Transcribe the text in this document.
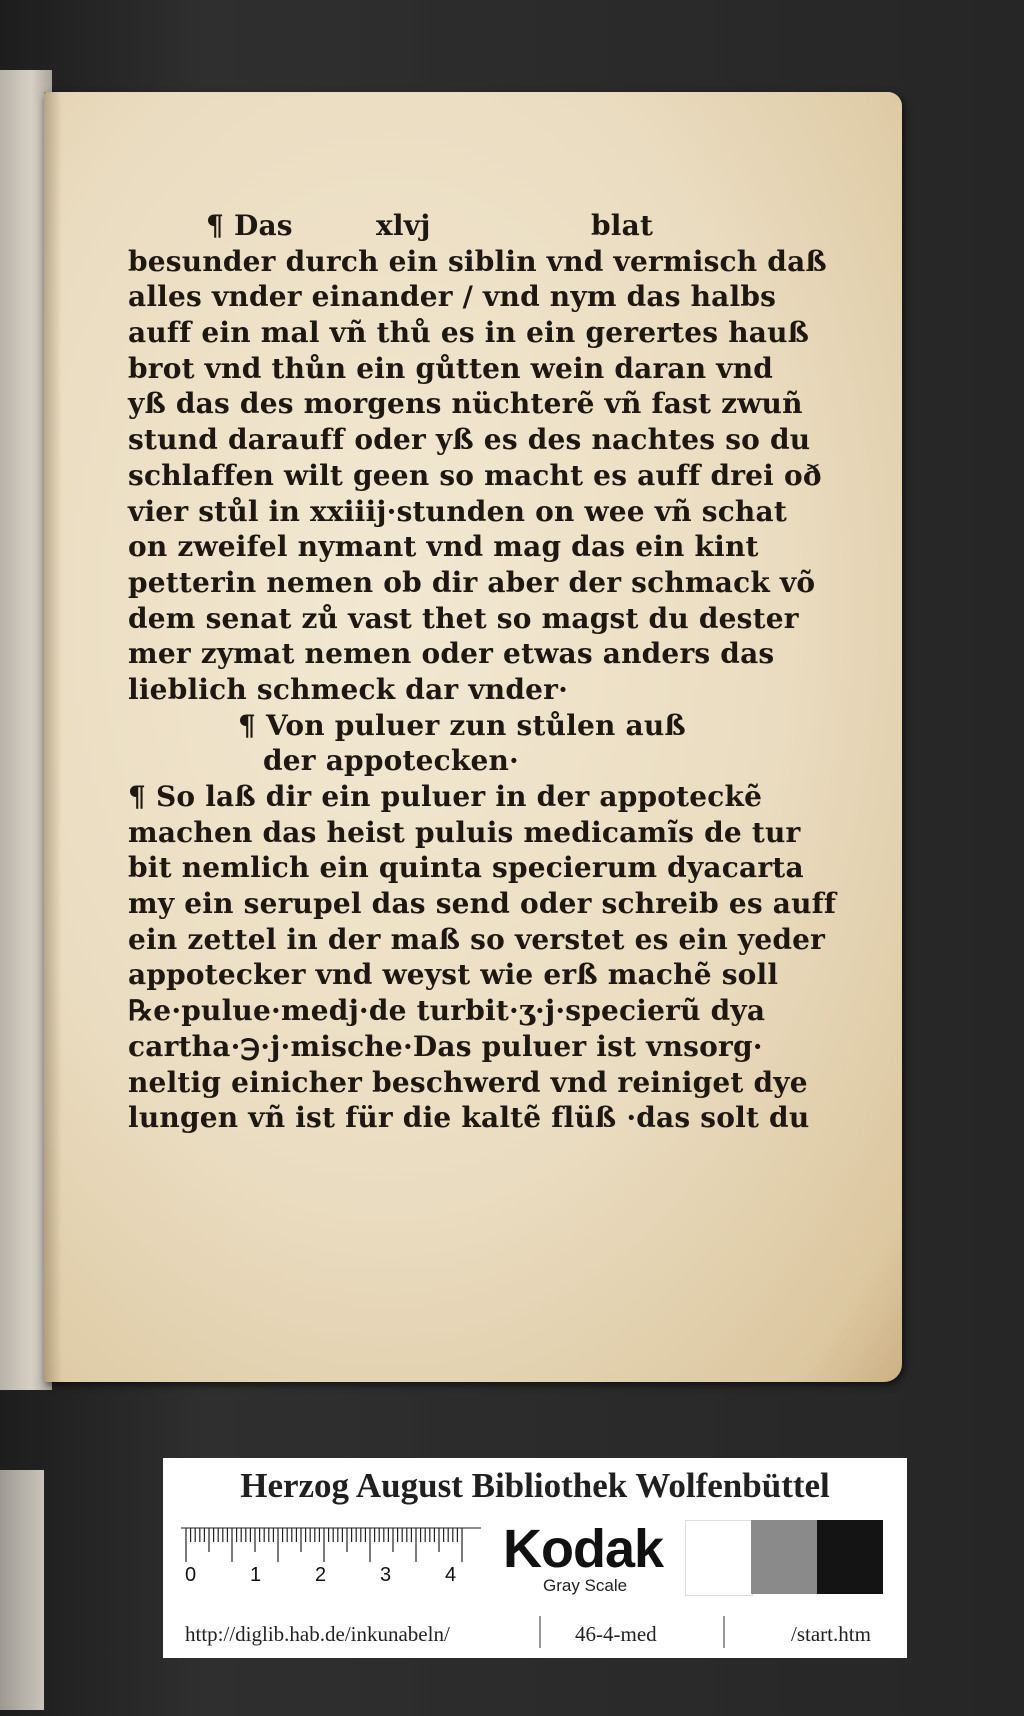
¶ Das	xlvj	blat
besunder durch ein siblin vnd vermisch daß
alles vnder einander / vnd nym das halbs
auff ein mal vñ thů es in ein gerertes hauß
brot vnd thůn ein gůtten wein daran vnd
yß das des morgens nüchterẽ vñ fast zwuñ
stund darauff oder yß es des nachtes so du
schlaffen wilt geen so macht es auff drei oð
vier stůl in xxiiij·stunden on wee vñ schat
on zweifel nymant vnd mag das ein kint
petterin nemen ob dir aber der schmack võ
dem senat zů vast thet so magst du dester
mer zymat nemen oder etwas anders das
lieblich schmeck dar vnder·
¶ Von puluer zun stůlen auß
der appotecken·
¶ So laß dir ein puluer in der appoteckẽ
machen das heist puluis medicamĩs de tur
bit nemlich ein quinta specierum dyacarta
my ein serupel das send oder schreib es auff
ein zettel in der maß so verstet es ein yeder
appotecker vnd weyst wie erß machẽ soll
℞e·pulue·medj·de turbit·ʒ·j·specierũ dya
cartha·℈·j·mische·Das puluer ist vnsorg·
neltig einicher beschwerd vnd reiniget dye
lungen vñ ist für die kaltẽ flüß ·das solt du
Herzog August Bibliothek Wolfenbüttel
0	1	2	3	4 Kodak
Gray Scale
http://diglib.hab.de/inkunabeln/	46-4-med	/start.htm
